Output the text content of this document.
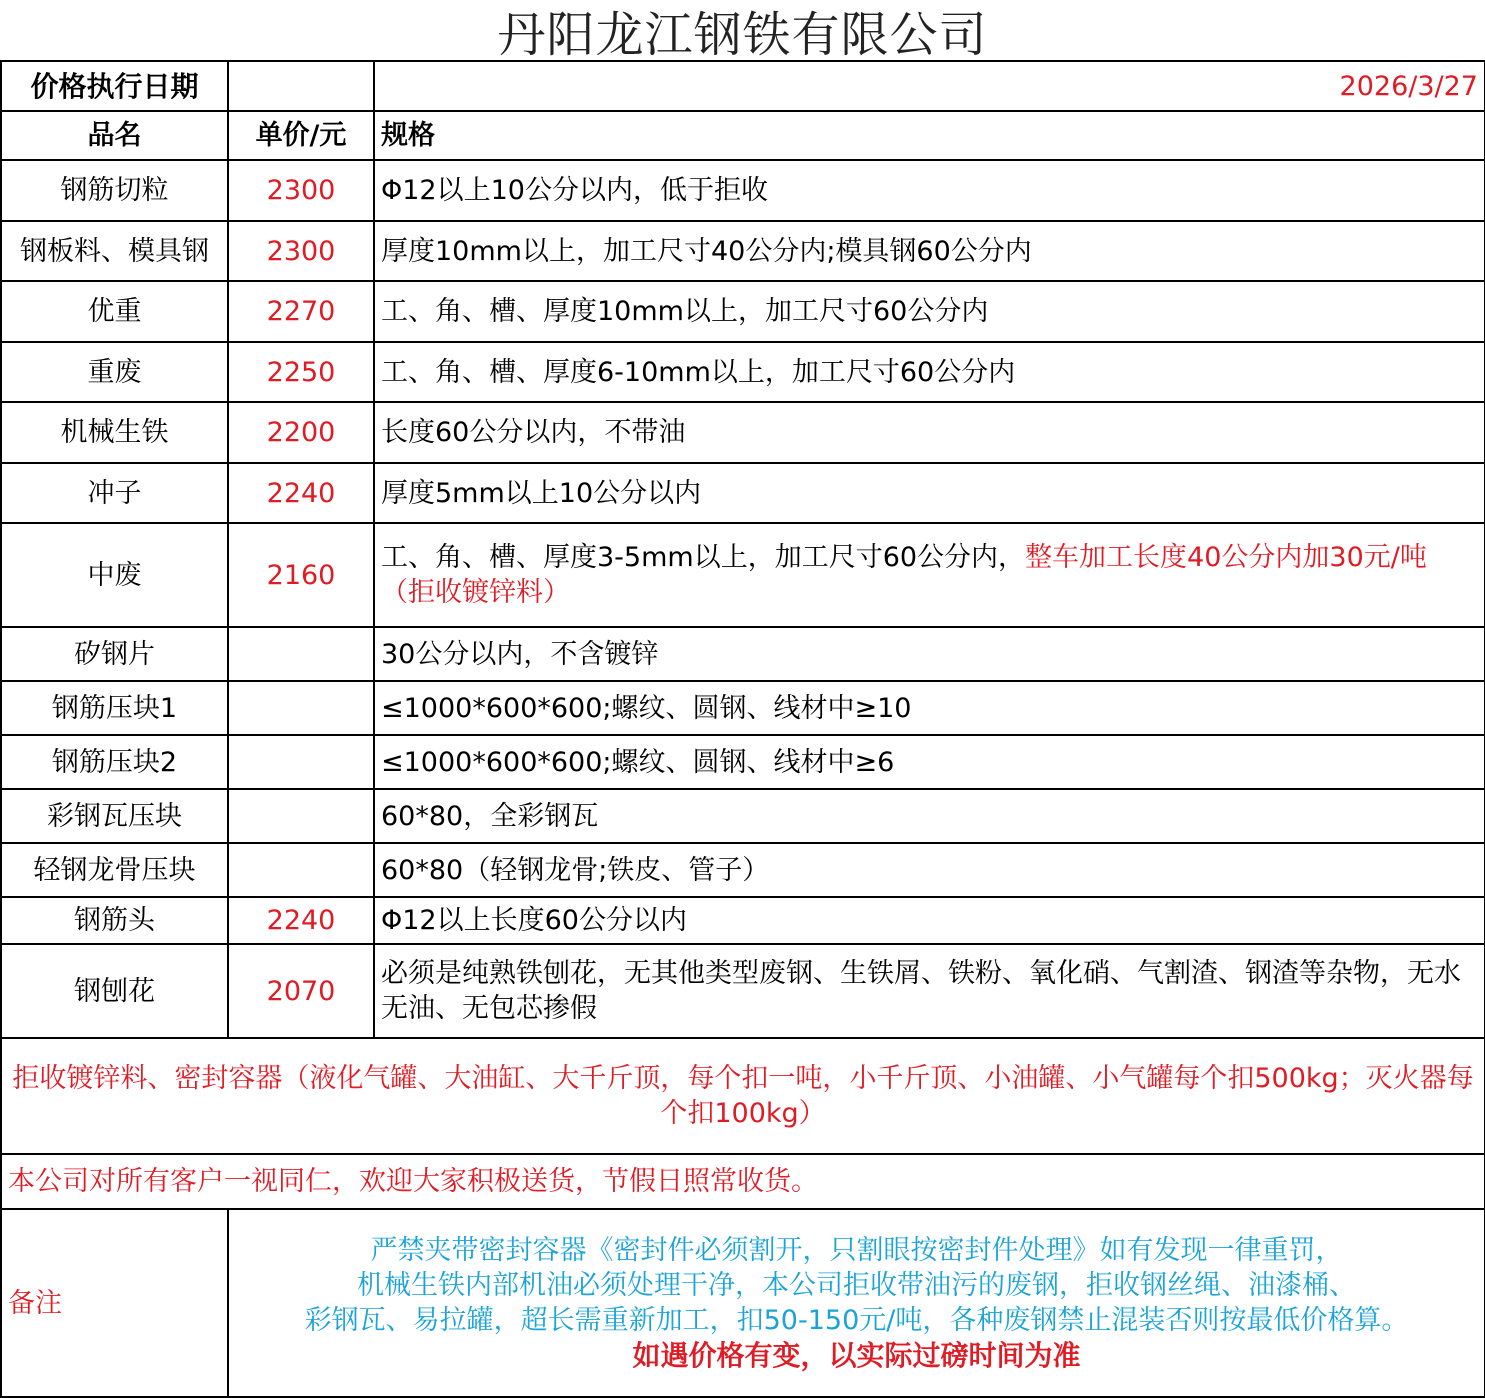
丹阳龙江钢铁有限公司
价格执行日期		2026/3/27
品名	单价/元	规格
钢筋切粒	2300	Φ12以上10公分以内，低于拒收
钢板料、模具钢	2300	厚度10mm以上，加工尺寸40公分内;模具钢60公分内
优重	2270	工、角、槽、厚度10mm以上，加工尺寸60公分内
重废	2250	工、角、槽、厚度6-10mm以上，加工尺寸60公分内
机械生铁	2200	长度60公分以内，不带油
冲子	2240	厚度5mm以上10公分以内
中废	2160	工、角、槽、厚度3-5mm以上，加工尺寸60公分内，整车加工长度40公分内加30元/吨（拒收镀锌料）
矽钢片		30公分以内，不含镀锌
钢筋压块1		≤1000*600*600;螺纹、圆钢、线材中≥10
钢筋压块2		≤1000*600*600;螺纹、圆钢、线材中≥6
彩钢瓦压块		60*80，全彩钢瓦
轻钢龙骨压块		60*80（轻钢龙骨;铁皮、管子）
钢筋头	2240	Φ12以上长度60公分以内
钢刨花	2070	必须是纯熟铁刨花，无其他类型废钢、生铁屑、铁粉、氧化硝、气割渣、钢渣等杂物，无水无油、无包芯掺假
拒收镀锌料、密封容器（液化气罐、大油缸、大千斤顶，每个扣一吨，小千斤顶、小油罐、小气罐每个扣500kg；灭火器每个扣100kg）		
本公司对所有客户一视同仁，欢迎大家积极送货，节假日照常收货。		
备注	严禁夹带密封容器《密封件必须割开，只割眼按密封件处理》如有发现一律重罚，
机械生铁内部机油必须处理干净，本公司拒收带油污的废钢，拒收钢丝绳、油漆桶、
彩钢瓦、易拉罐，超长需重新加工，扣50-150元/吨，各种废钢禁止混装否则按最低价格算。
如遇价格有变，以实际过磅时间为准	
